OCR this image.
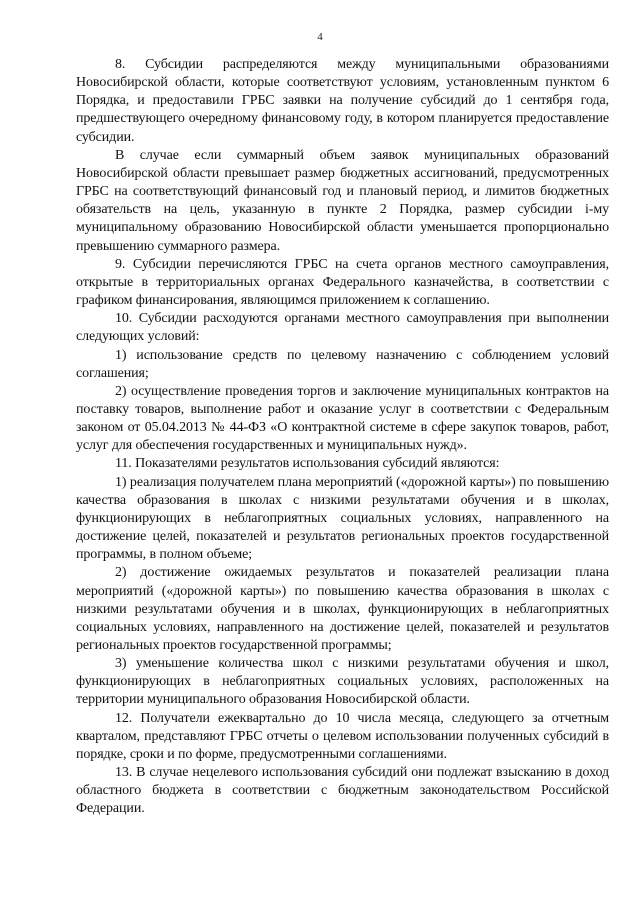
4

8. Субсидии распределяются между муниципальными образованиями Новосибирской области, которые соответствуют условиям, установленным пунктом 6 Порядка, и предоставили ГРБС заявки на получение субсидий до 1 сентября года, предшествующего очередному финансовому году, в котором планируется предоставление субсидии.

В случае если суммарный объем заявок муниципальных образований Новосибирской области превышает размер бюджетных ассигнований, предусмотренных ГРБС на соответствующий финансовый год и плановый период, и лимитов бюджетных обязательств на цель, указанную в пункте 2 Порядка, размер субсидии i-му муниципальному образованию Новосибирской области уменьшается пропорционально превышению суммарного размера.

9. Субсидии перечисляются ГРБС на счета органов местного самоуправления, открытые в территориальных органах Федерального казначейства, в соответствии с графиком финансирования, являющимся приложением к соглашению.

10. Субсидии расходуются органами местного самоуправления при выполнении следующих условий:

1) использование средств по целевому назначению с соблюдением условий соглашения;

2) осуществление проведения торгов и заключение муниципальных контрактов на поставку товаров, выполнение работ и оказание услуг в соответствии с Федеральным законом от 05.04.2013 № 44-ФЗ «О контрактной системе в сфере закупок товаров, работ, услуг для обеспечения государственных и муниципальных нужд».

11. Показателями результатов использования субсидий являются:

1) реализация получателем плана мероприятий («дорожной карты») по повышению качества образования в школах с низкими результатами обучения и в школах, функционирующих в неблагоприятных социальных условиях, направленного на достижение целей, показателей и результатов региональных проектов государственной программы, в полном объеме;

2) достижение ожидаемых результатов и показателей реализации плана мероприятий («дорожной карты») по повышению качества образования в школах с низкими результатами обучения и в школах, функционирующих в неблагоприятных социальных условиях, направленного на достижение целей, показателей и результатов региональных проектов государственной программы;

3) уменьшение количества школ с низкими результатами обучения и школ, функционирующих в неблагоприятных социальных условиях, расположенных на территории муниципального образования Новосибирской области.

12. Получатели ежеквартально до 10 числа месяца, следующего за отчетным кварталом, представляют ГРБС отчеты о целевом использовании полученных субсидий в порядке, сроки и по форме, предусмотренными соглашениями.

13. В случае нецелевого использования субсидий они подлежат взысканию в доход областного бюджета в соответствии с бюджетным законодательством Российской Федерации.
